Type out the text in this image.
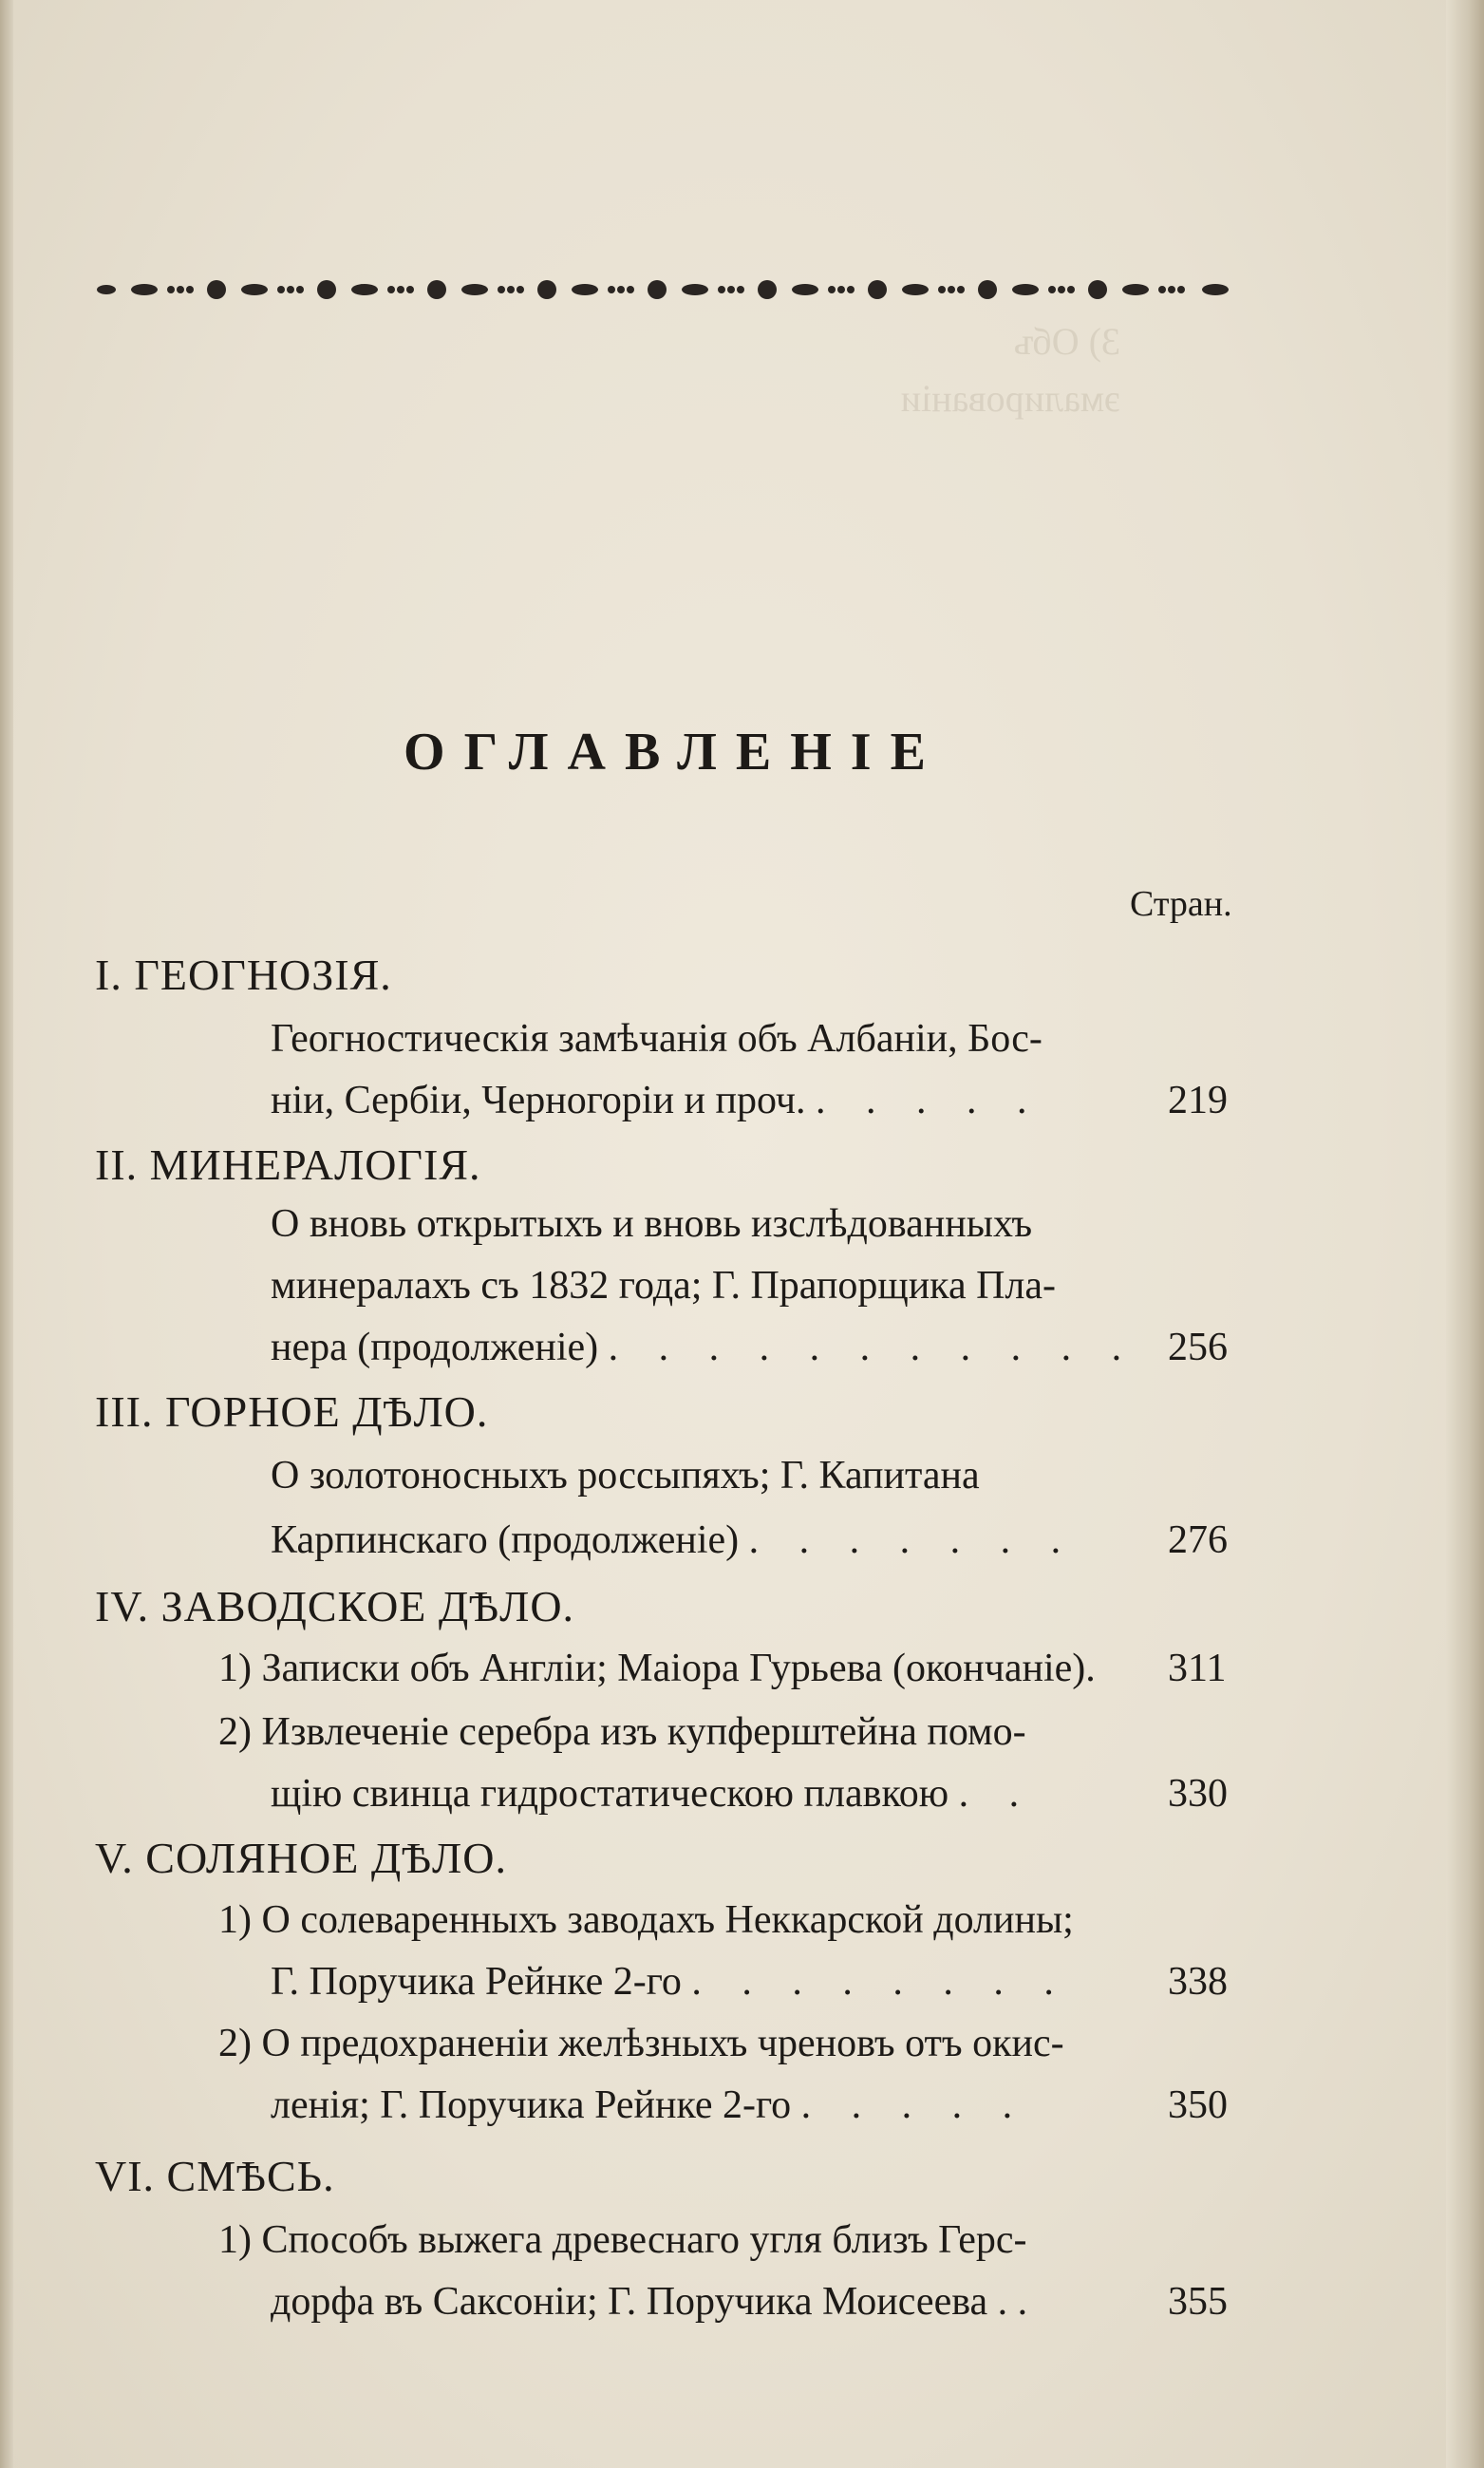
ОГЛАВЛЕНІЕ
Стран.
I. ГЕОГНОЗІЯ.
Геогностическія замѣчанія объ Албаніи, Бос-
ніи, Сербіи, Черногоріи и проч. . . . . .	219
II. МИНЕРАЛОГІЯ.
О вновь открытыхъ и вновь изслѣдованныхъ
минералахъ съ 1832 года; Г. Прапорщика Пла-
нера (продолженіе) . . . . . . . . . . . 256
III. ГОРНОЕ ДѢЛО.
О золотоносныхъ россыпяхъ; Г. Капитана
Карпинскаго (продолженіе) . . . . . . . 276
IV. ЗАВОДСКОЕ ДѢЛО.
1) Записки объ Англіи; Маіора Гурьева (окончаніе). 311
2) Извлеченіе серебра изъ купферштейна помо-
щію свинца гидростатическою плавкою . .	330
V. СОЛЯНОЕ ДѢЛО.
1) О солеваренныхъ заводахъ Неккарской долины;
Г. Поручика Рейнке 2-го . . . . . . . . 338
2) О предохраненіи желѣзныхъ чреновъ отъ окис-
ленія; Г. Поручика Рейнке 2-го . . . . .	350
VI. СМѢСЬ.
1) Способъ выжега древеснаго угля близъ Герс-
дорфа въ Саксоніи; Г. Поручика Моисеева . .	355
3) Объ эмалированіи
